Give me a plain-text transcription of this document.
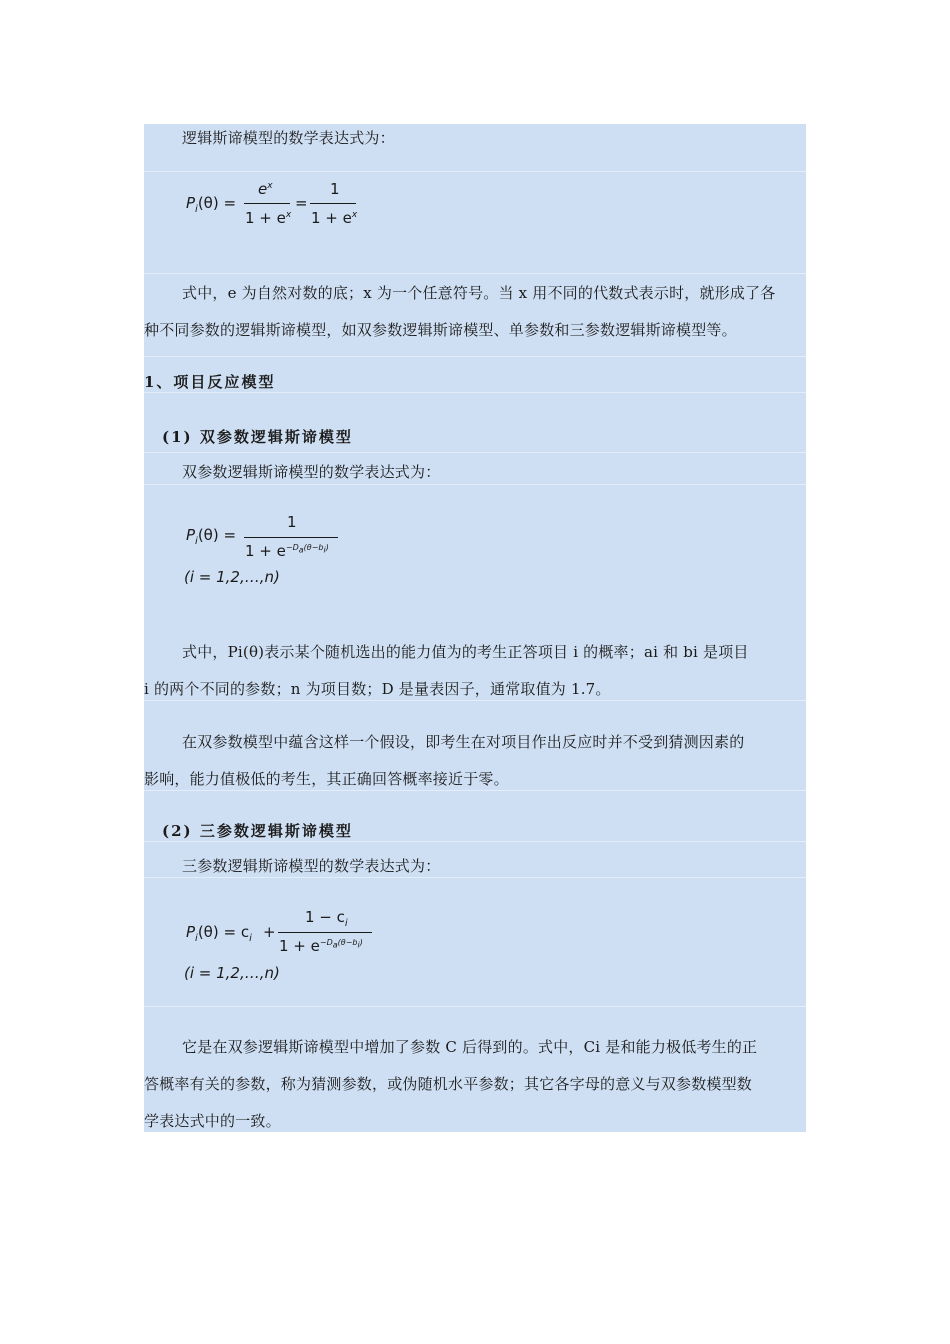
逻辑斯谛模型的数学表达式为：
$P_i(\theta)$ =
$e^x$
$1 + e^x$
=
1
$1 + e^x$
式中，e 为自然对数的底；x 为一个任意符号。当 x 用不同的代数式表示时，就形成了各
种不同参数的逻辑斯谛模型，如双参数逻辑斯谛模型、单参数和三参数逻辑斯谛模型等。
1、项目反应模型
(1) 双参数逻辑斯谛模型
双参数逻辑斯谛模型的数学表达式为：
$P_i(\theta)$ =
1
$1 + e^{-D_a(\theta-b_i)}$
(i = 1,2,…,n)
式中，Pi(θ)表示某个随机选出的能力值为的考生正答项目 i 的概率；ai 和 bi 是项目
i 的两个不同的参数；n 为项目数；D 是量表因子，通常取值为 1.7。
在双参数模型中蕴含这样一个假设，即考生在对项目作出反应时并不受到猜测因素的
影响，能力值极低的考生，其正确回答概率接近于零。
(2) 三参数逻辑斯谛模型
三参数逻辑斯谛模型的数学表达式为：
$P_i(\theta) = c_i$ +
$1 - c_i$
$1 + e^{-D_a(\theta-b_i)}$
(i = 1,2,…,n)
它是在双参逻辑斯谛模型中增加了参数 C 后得到的。式中，Ci 是和能力极低考生的正
答概率有关的参数，称为猜测参数，或伪随机水平参数；其它各字母的意义与双参数模型数
学表达式中的一致。
